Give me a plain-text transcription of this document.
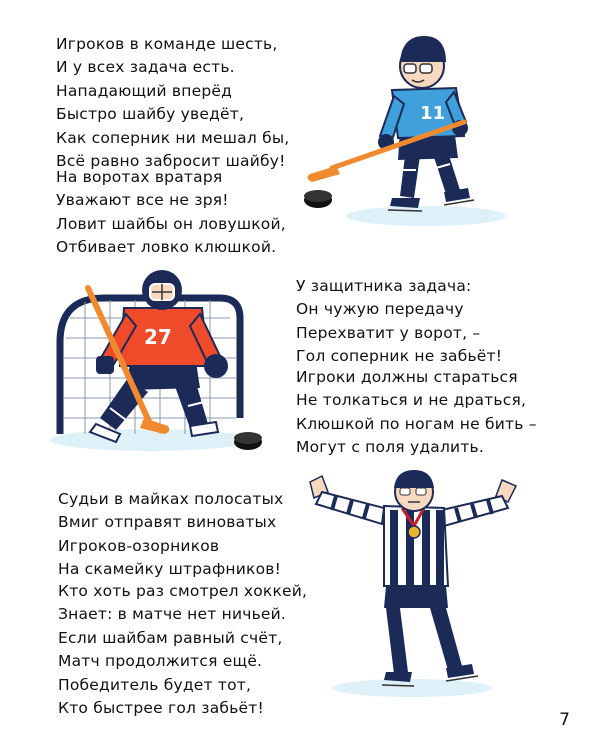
Игроков в команде шесть,
И у всех задача есть.
Нападающий вперёд
Быстро шайбу уведёт,
Как соперник ни мешал бы,
Всё равно забросит шайбу!
На воротах вратаря
Уважают все не зря!
Ловит шайбы он ловушкой,
Отбивает ловко клюшкой.
У защитника задача:
Он чужую передачу
Перехватит у ворот, –
Гол соперник не забьёт!
Игроки должны стараться
Не толкаться и не драться,
Клюшкой по ногам не бить –
Могут с поля удалить.
Судьи в майках полосатых
Вмиг отправят виноватых
Игроков-озорников
На скамейку штрафников!
Кто хоть раз смотрел хоккей,
Знает: в матче нет ничьей.
Если шайбам равный счёт,
Матч продолжится ещё.
Победитель будет тот,
Кто быстрее гол забьёт!
11
27
7
